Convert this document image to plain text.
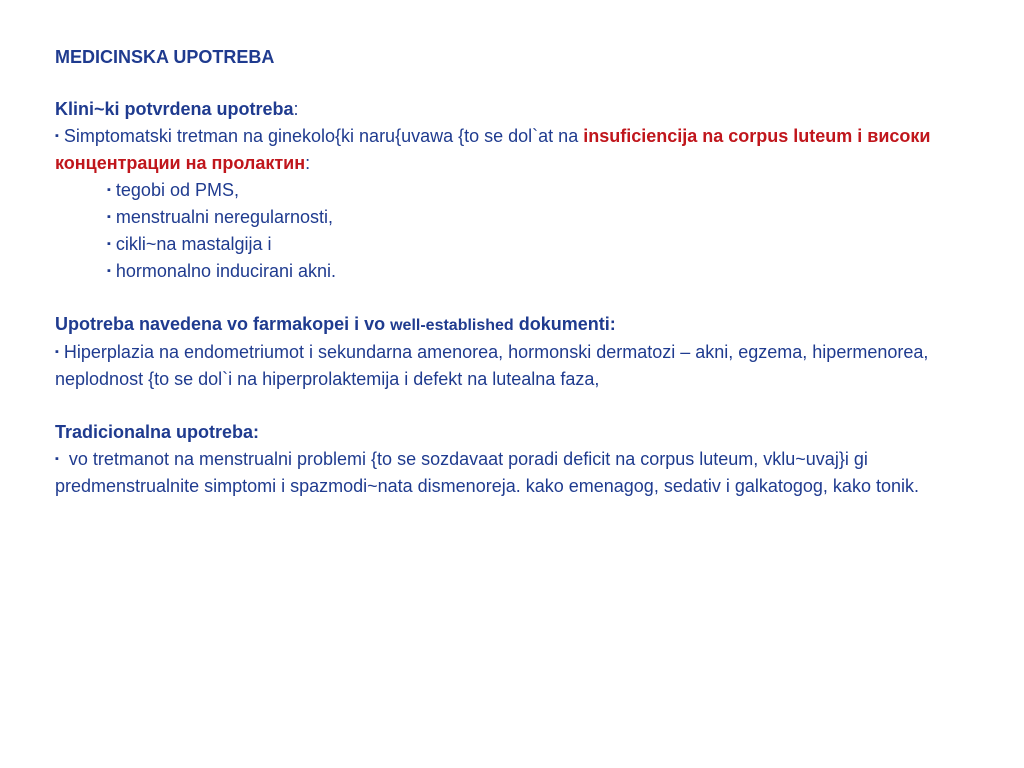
MEDICINSKA UPOTREBA
Klini~ki potvrdena upotreba:
▪ Simptomatski tretman na ginekolo{ki naru{uvawa {to se dol`at na insuficiencija na corpus luteum i високи концентрации на пролактин:
▪ tegobi od PMS,
▪ menstrualni neregularnosti,
▪ cikli~na mastalgija i
▪ hormonalno inducirani akni.
Upotreba navedena vo farmakopei i vo well-established dokumenti:
▪ Hiperplazia na endometriumot i sekundarna amenorea, hormonski dermatozi – akni, egzema, hipermenorea, neplodnost {to se dol`i na hiperprolaktemija i defekt na lutealna faza,
Tradicionalna upotreba:
▪ vo tretmanot na menstrualni problemi {to se sozdavaat poradi deficit na corpus luteum, vklu~uvaj}i gi predmenstrualnite simptomi i spazmodi~nata dismenoreja. kako emenagog, sedativ i galkatogog, kako tonik.
